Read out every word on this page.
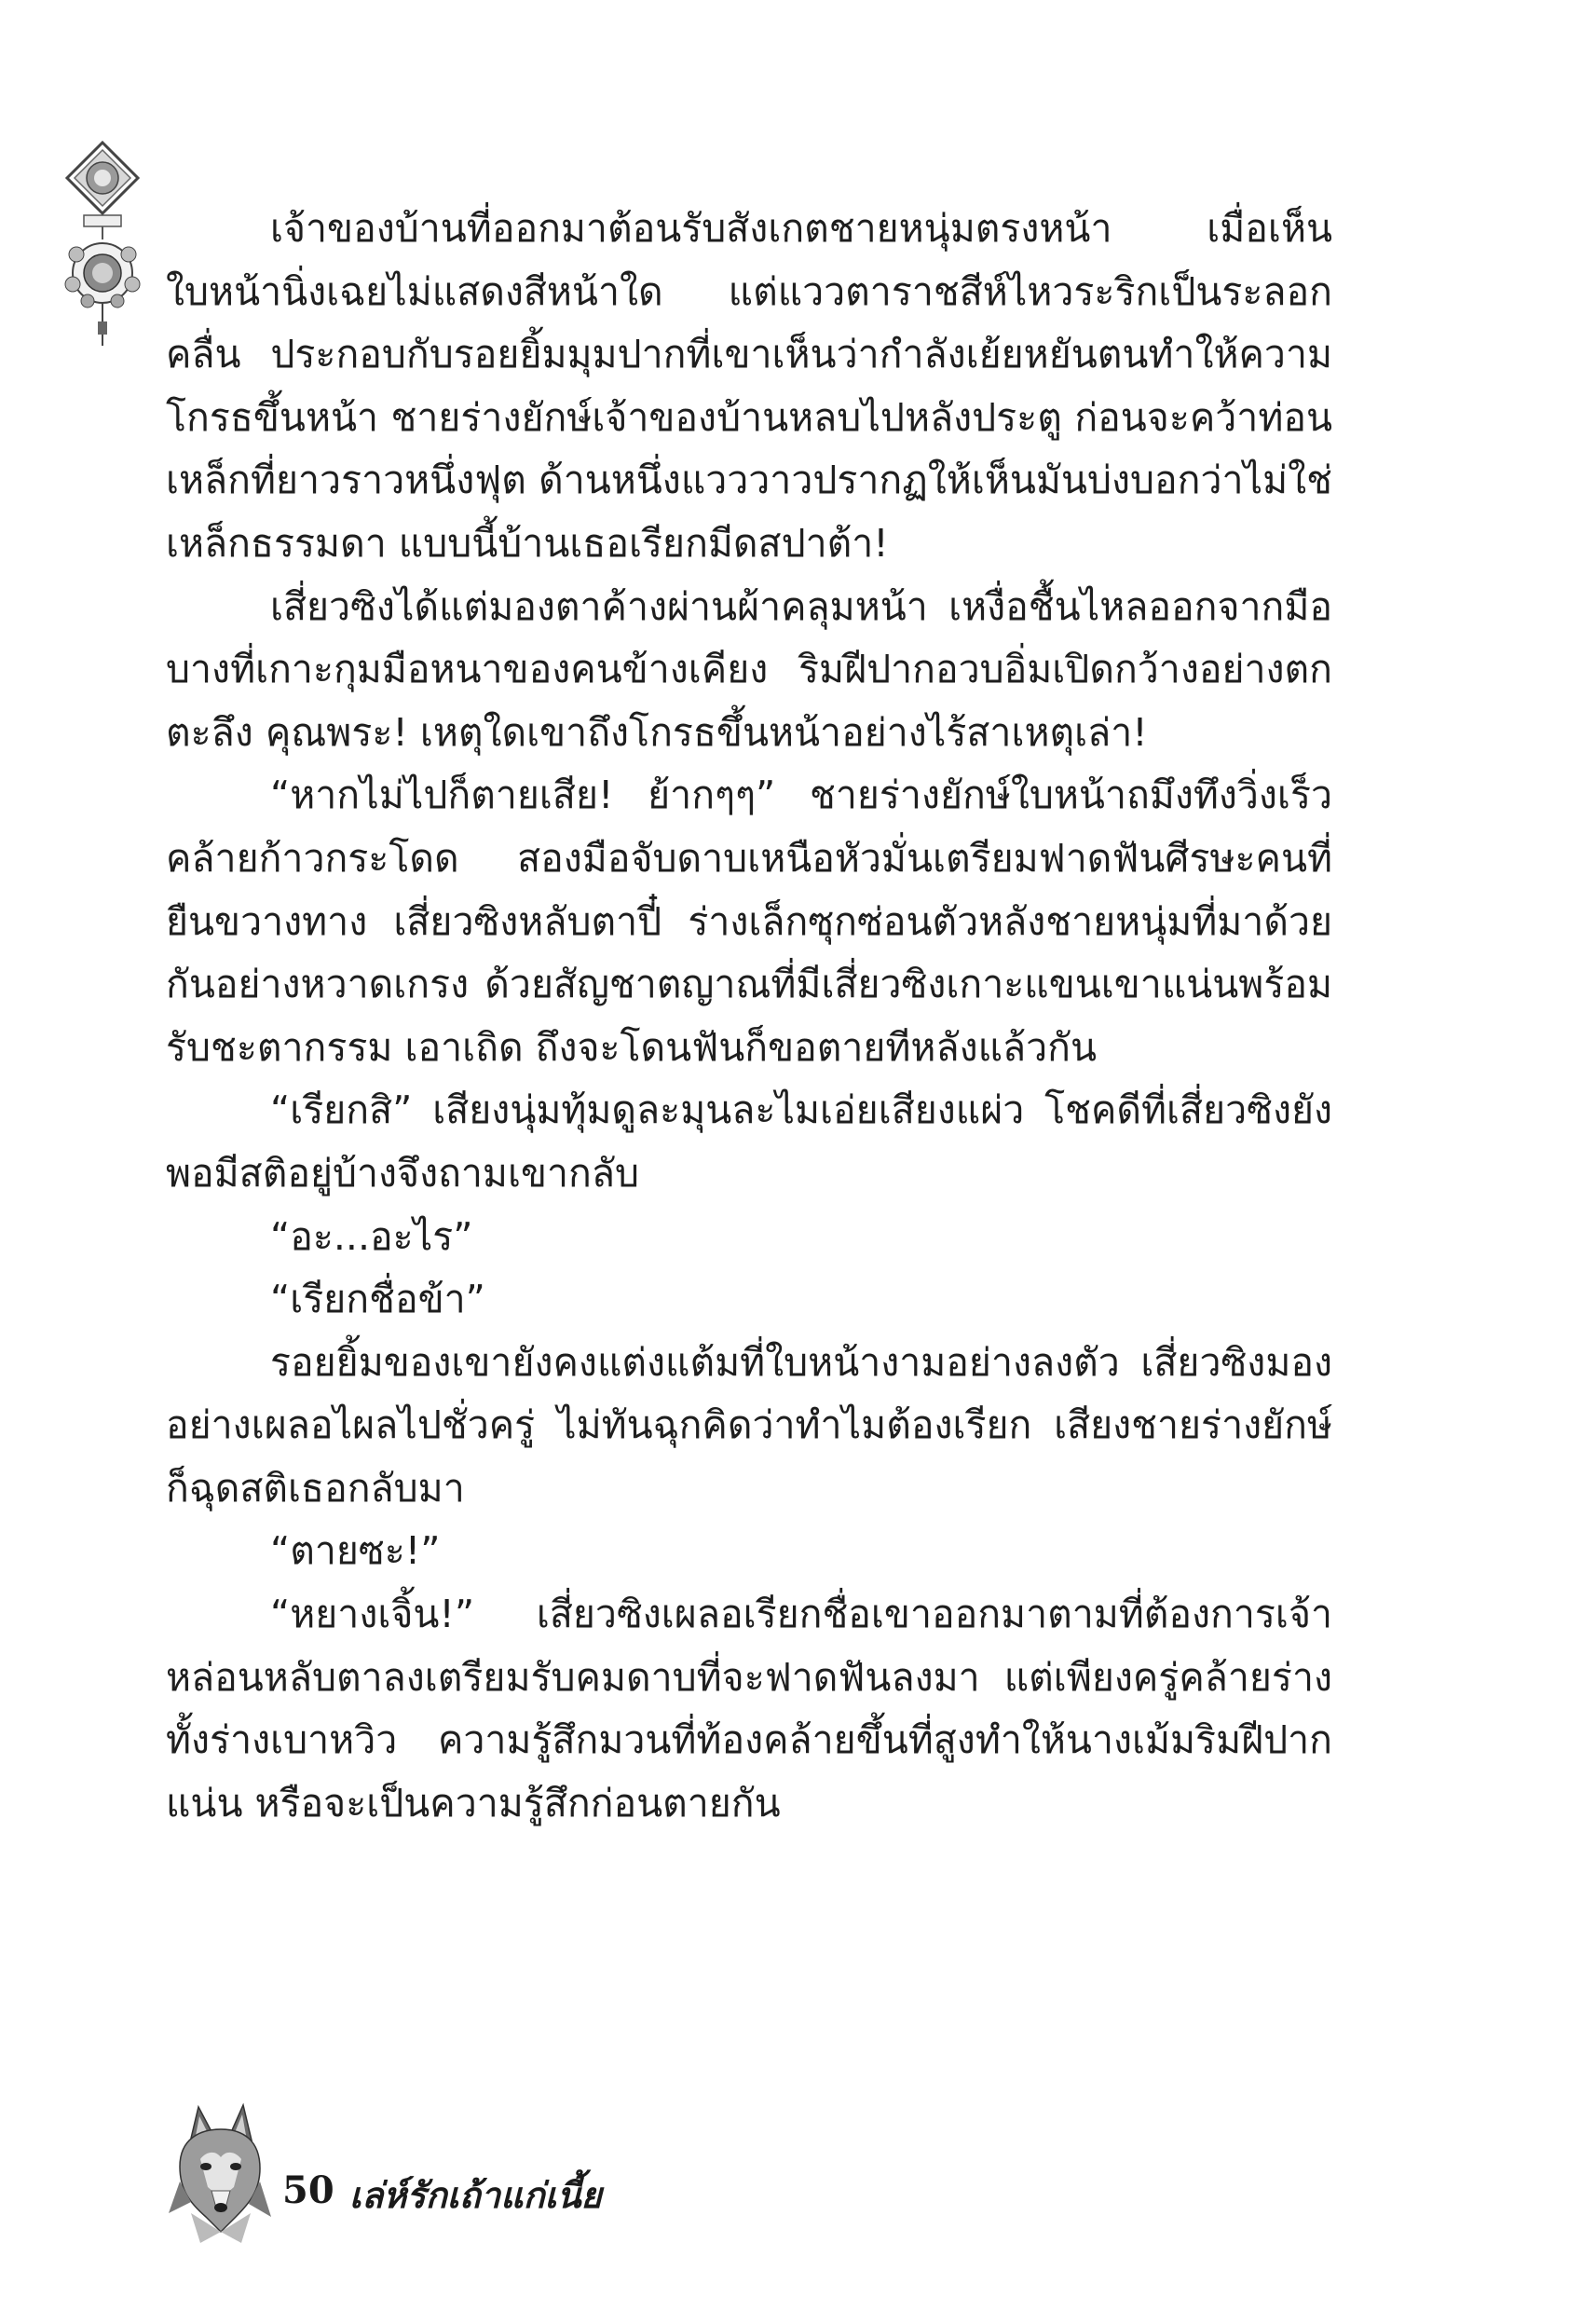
เจ้าของบ้านที่ออกมาต้อนรับสังเกตชายหนุ่มตรงหน้า เมื่อเห็นใบหน้านิ่งเฉยไม่แสดงสีหน้าใด แต่แววตาราชสีห์ไหวระริกเป็นระลอกคลื่น ประกอบกับรอยยิ้มมุมปากที่เขาเห็นว่ากำลังเย้ยหยันตนทำให้ความโกรธขึ้นหน้า ชายร่างยักษ์เจ้าของบ้านหลบไปหลังประตู ก่อนจะคว้าท่อนเหล็กที่ยาวราวหนึ่งฟุต ด้านหนึ่งแวววาวปรากฏให้เห็นมันบ่งบอกว่าไม่ใช่เหล็กธรรมดา แบบนี้บ้านเธอเรียกมีดสปาต้า!

เสี่ยวซิงได้แต่มองตาค้างผ่านผ้าคลุมหน้า เหงื่อชื้นไหลออกจากมือบางที่เกาะกุมมือหนาของคนข้างเคียง ริมฝีปากอวบอิ่มเปิดกว้างอย่างตกตะลึง คุณพระ! เหตุใดเขาถึงโกรธขึ้นหน้าอย่างไร้สาเหตุเล่า!

“หากไม่ไปก็ตายเสีย! ย้ากๆๆ” ชายร่างยักษ์ใบหน้าถมึงทึงวิ่งเร็วคล้ายก้าวกระโดด สองมือจับดาบเหนือหัวมั่นเตรียมฟาดฟันศีรษะคนที่ยืนขวางทาง เสี่ยวซิงหลับตาปี๋ ร่างเล็กซุกซ่อนตัวหลังชายหนุ่มที่มาด้วยกันอย่างหวาดเกรง ด้วยสัญชาตญาณที่มีเสี่ยวซิงเกาะแขนเขาแน่นพร้อมรับชะตากรรม เอาเถิด ถึงจะโดนฟันก็ขอตายทีหลังแล้วกัน

“เรียกสิ” เสียงนุ่มทุ้มดูละมุนละไมเอ่ยเสียงแผ่ว โชคดีที่เสี่ยวซิงยังพอมีสติอยู่บ้างจึงถามเขากลับ

“อะ...อะไร”

“เรียกชื่อข้า”

รอยยิ้มของเขายังคงแต่งแต้มที่ใบหน้างามอย่างลงตัว เสี่ยวซิงมองอย่างเผลอไผลไปชั่วครู่ ไม่ทันฉุกคิดว่าทำไมต้องเรียก เสียงชายร่างยักษ์ก็ฉุดสติเธอกลับมา

“ตายซะ!”

“หยางเจิ้น!” เสี่ยวซิงเผลอเรียกชื่อเขาออกมาตามที่ต้องการเจ้าหล่อนหลับตาลงเตรียมรับคมดาบที่จะฟาดฟันลงมา แต่เพียงครู่คล้ายร่างทั้งร่างเบาหวิว ความรู้สึกมวนที่ท้องคล้ายขึ้นที่สูงทำให้นางเม้มริมฝีปากแน่น หรือจะเป็นความรู้สึกก่อนตายกัน

50 เล่ห์รักเถ้าแก่เนี้ย
